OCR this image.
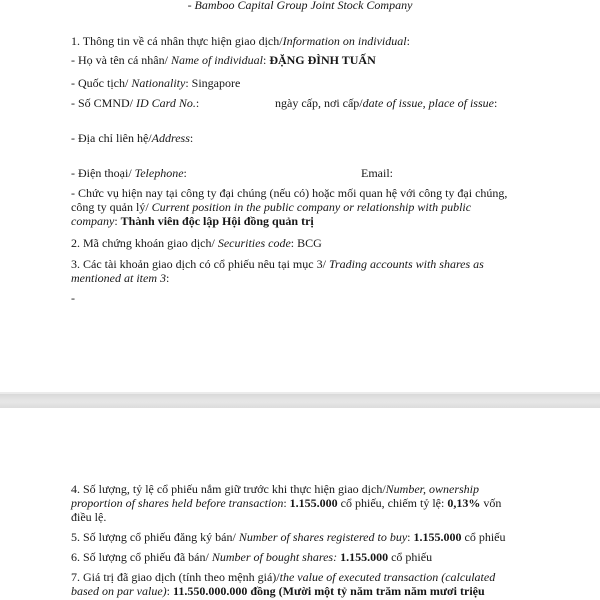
- Bamboo Capital Group Joint Stock Company
1. Thông tin về cá nhân thực hiện giao dịch/Information on individual:
- Họ và tên cá nhân/ Name of individual: ĐẶNG ĐÌNH TUẤN
- Quốc tịch/ Nationality: Singapore
- Số CMND/ ID Card No.:	ngày cấp, nơi cấp/date of issue, place of issue:
- Địa chỉ liên hệ/Address:
- Điện thoại/ Telephone:	Email:
- Chức vụ hiện nay tại công ty đại chúng (nếu có) hoặc mối quan hệ với công ty đại chúng,
công ty quản lý/ Current position in the public company or relationship with public
company: Thành viên độc lập Hội đồng quản trị
2. Mã chứng khoán giao dịch/ Securities code: BCG
3. Các tài khoản giao dịch có cổ phiếu nêu tại mục 3/ Trading accounts with shares as
mentioned at item 3:
-
4. Số lượng, tỷ lệ cổ phiếu nắm giữ trước khi thực hiện giao dịch/Number, ownership
proportion of shares held before transaction: 1.155.000 cổ phiếu, chiếm tỷ lệ: 0,13% vốn
điều lệ.
5. Số lượng cổ phiếu đăng ký bán/ Number of shares registered to buy: 1.155.000 cổ phiếu
6. Số lượng cổ phiếu đã bán/ Number of bought shares: 1.155.000 cổ phiếu
7. Giá trị đã giao dịch (tính theo mệnh giá)/the value of executed transaction (calculated
based on par value): 11.550.000.000 đồng (Mười một tỷ năm trăm năm mươi triệu
